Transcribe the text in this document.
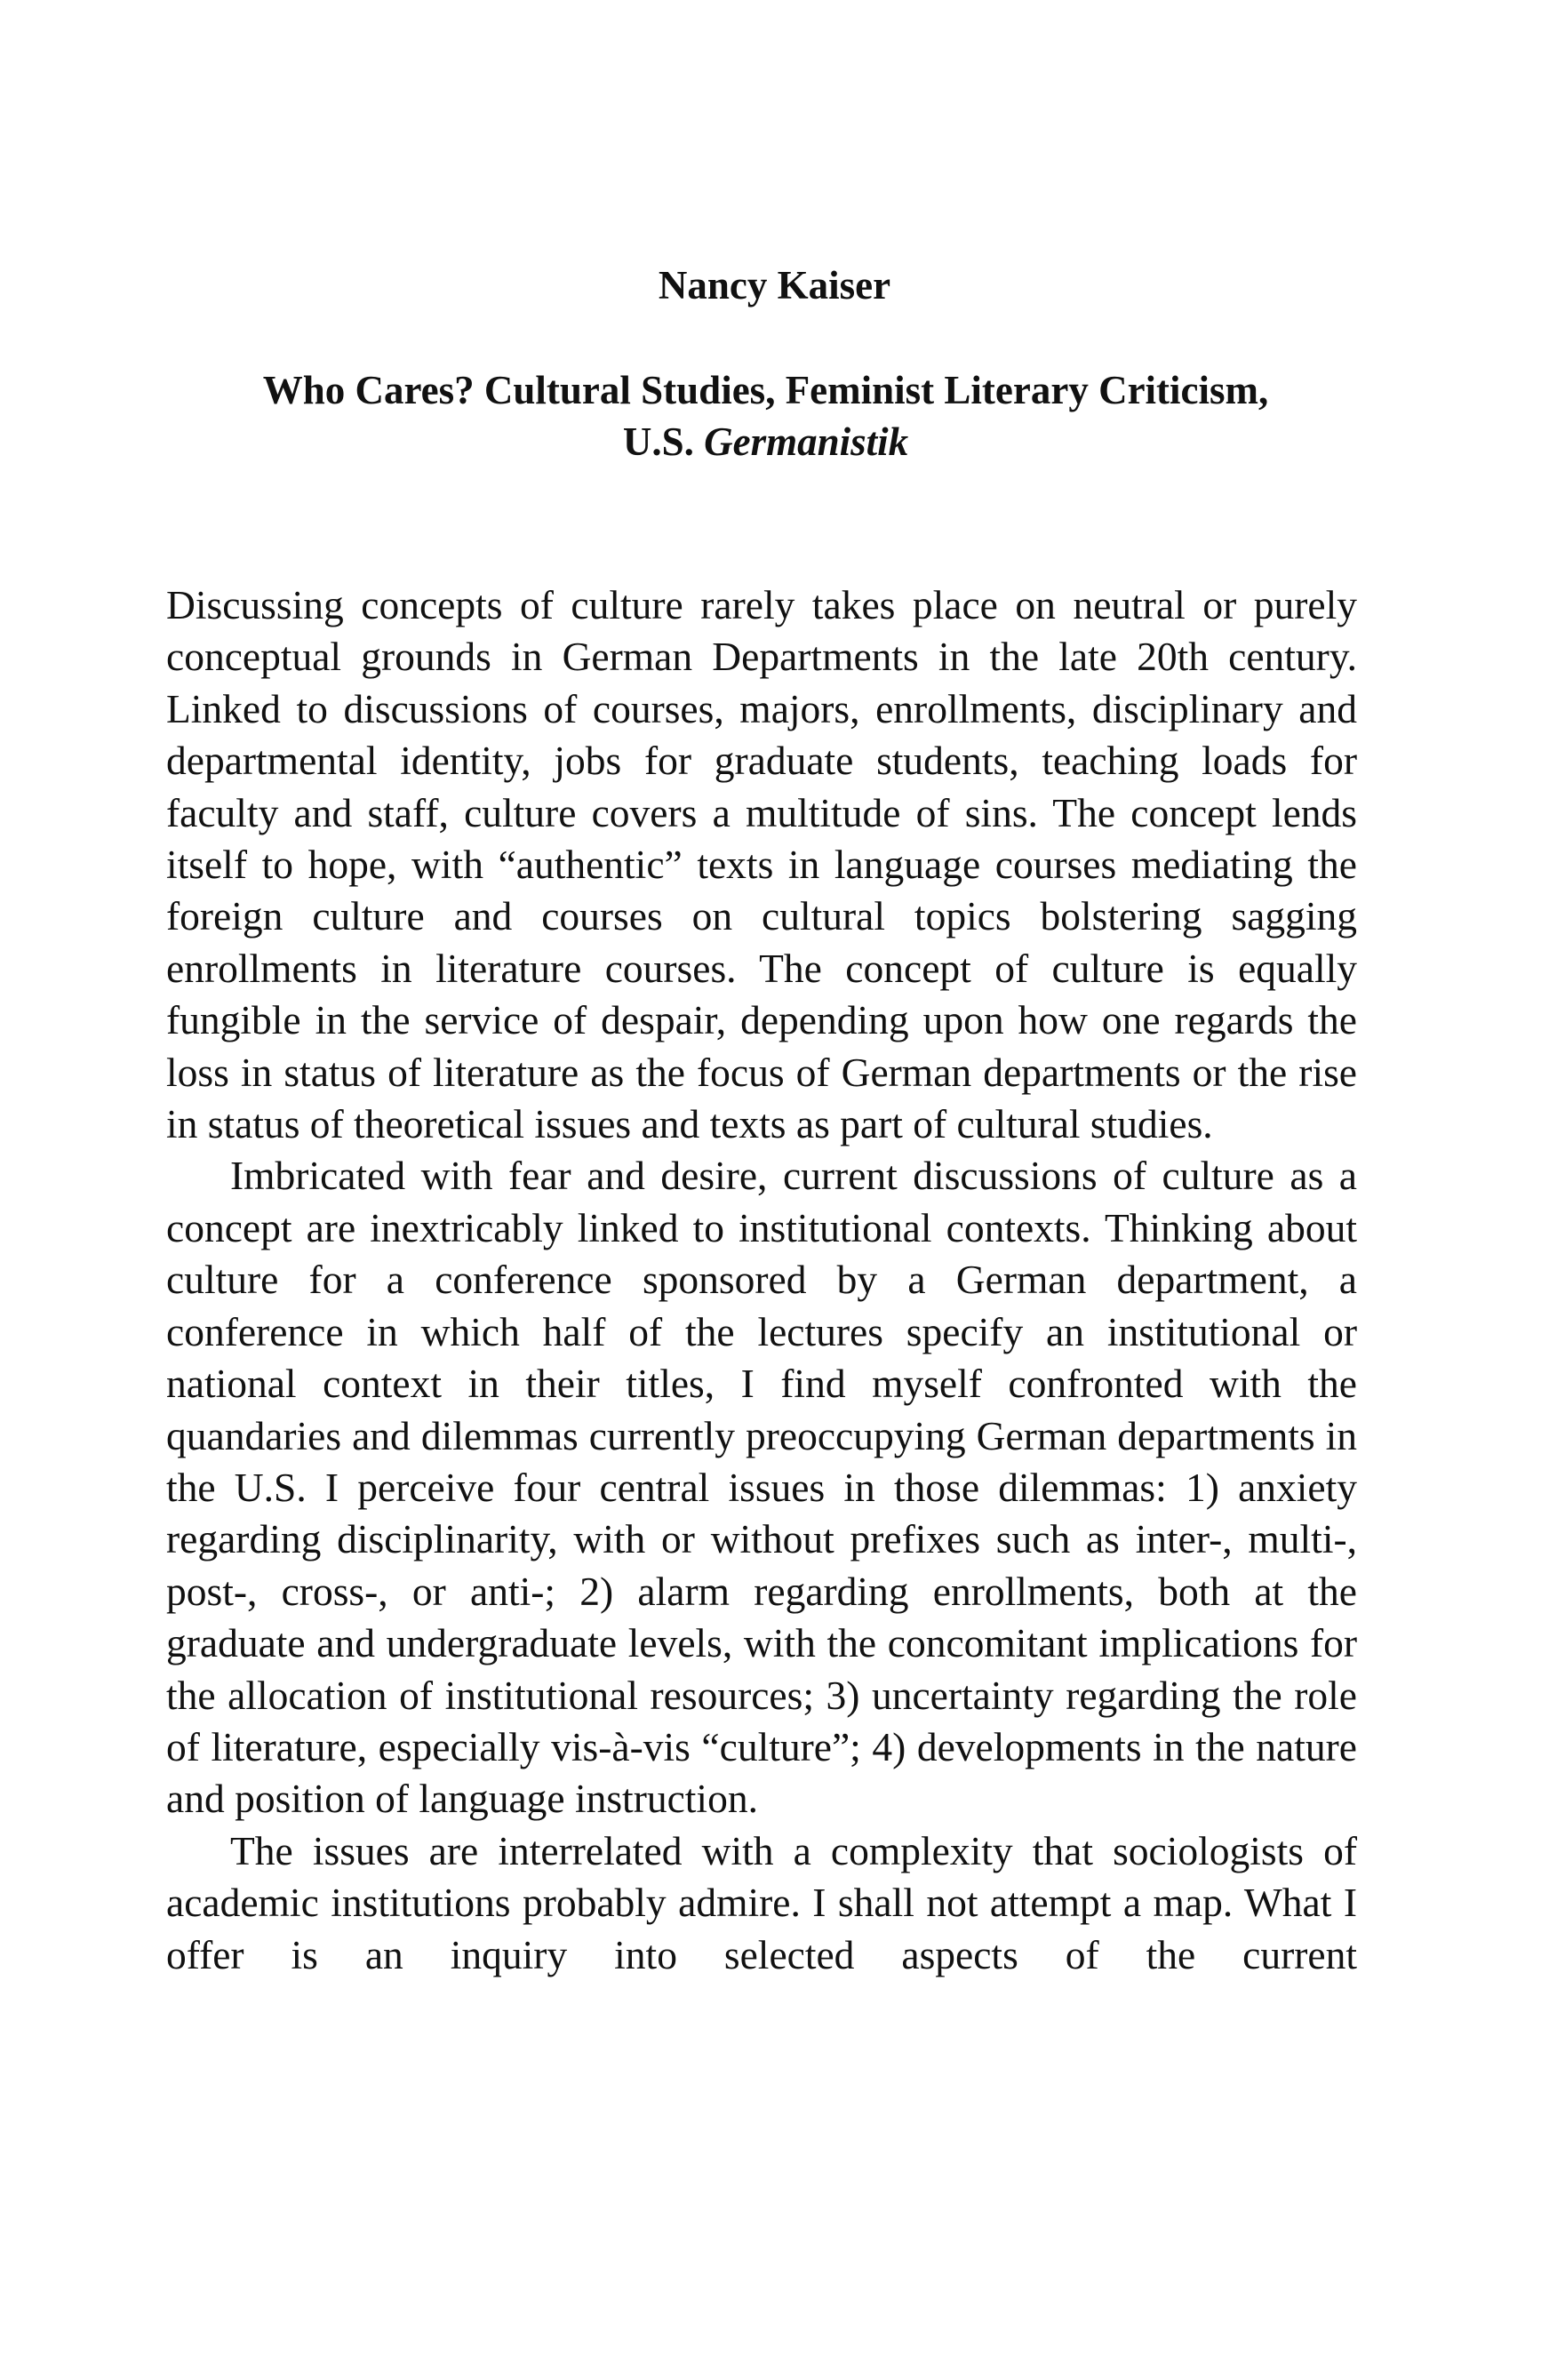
Nancy Kaiser
Who Cares? Cultural Studies, Feminist Literary Criticism,
U.S. Germanistik

Discussing concepts of culture rarely takes place on neutral or purely conceptual grounds in German Departments in the late 20th century. Linked to discussions of courses, majors, enrollments, disciplinary and departmental identity, jobs for graduate students, teaching loads for faculty and staff, culture covers a multitude of sins. The concept lends itself to hope, with “authentic” texts in language courses mediating the foreign culture and courses on cultural topics bolstering sagging enrollments in literature courses. The concept of culture is equally fungible in the service of despair, depending upon how one regards the loss in status of literature as the focus of German departments or the rise in status of theoretical issues and texts as part of cultural studies.

Imbricated with fear and desire, current discussions of culture as a concept are inextricably linked to institutional contexts. Thinking about culture for a conference sponsored by a German department, a conference in which half of the lectures specify an institutional or national context in their titles, I find myself confronted with the quandaries and dilemmas currently preoccupying German departments in the U.S. I perceive four central issues in those dilemmas: 1) anxiety regarding disciplinarity, with or without prefixes such as inter-, multi-, post-, cross-, or anti-; 2) alarm regarding enrollments, both at the graduate and undergraduate levels, with the concomitant implications for the allocation of institutional resources; 3) uncertainty regarding the role of literature, especially vis-à-vis “culture”; 4) developments in the nature and position of language instruction.

The issues are interrelated with a complexity that sociologists of academic institutions probably admire. I shall not attempt a map. What I offer is an inquiry into selected aspects of the current
